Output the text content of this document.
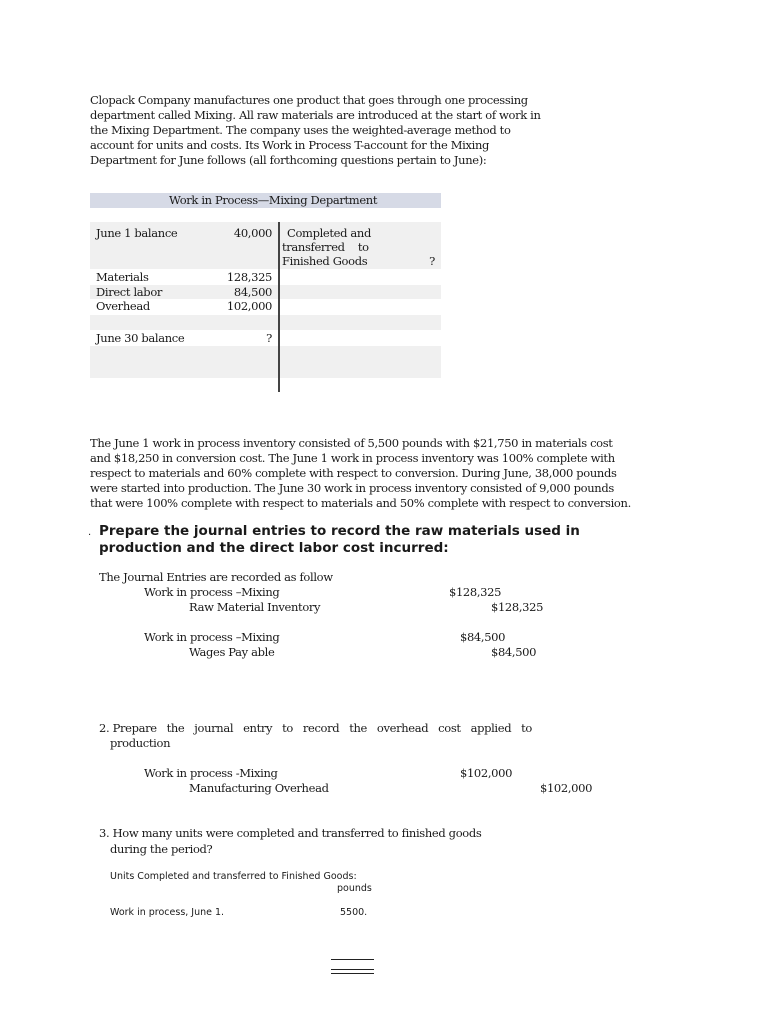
Clopack Company manufactures one product that goes through one processing
department called Mixing. All raw materials are introduced at the start of work in
the Mixing Department. The company uses the weighted-average method to
account for units and costs. Its Work in Process T-account for the Mixing
Department for June follows (all forthcoming questions pertain to June):
Work in Process—Mixing Department
June 1 balance	40,000 Completed and
transferred    to
Finished Goods	?
Materials	128,325
Direct labor	84,500
Overhead	102,000
June 30 balance	?
The June 1 work in process inventory consisted of 5,500 pounds with $21,750 in materials cost
and $18,250 in conversion cost. The June 1 work in process inventory was 100% complete with
respect to materials and 60% complete with respect to conversion. During June, 38,000 pounds
were started into production. The June 30 work in process inventory consisted of 9,000 pounds
that were 100% complete with respect to materials and 50% complete with respect to conversion.
. Prepare the journal entries to record the raw materials used in
production and the direct labor cost incurred:
The Journal Entries are recorded as follow
Work in process –Mixing	$128,325
Raw Material Inventory	$128,325
Work in process –Mixing	$84,500
Wages Pay able	$84,500
2. Prepare   the   journal   entry   to   record   the   overhead   cost   applied   to
production
Work in process -Mixing	$102,000
Manufacturing Overhead	$102,000
3. How many units were completed and transferred to finished goods
during the period?
Units Completed and transferred to Finished Goods:
pounds
Work in process, June 1.	5500.
